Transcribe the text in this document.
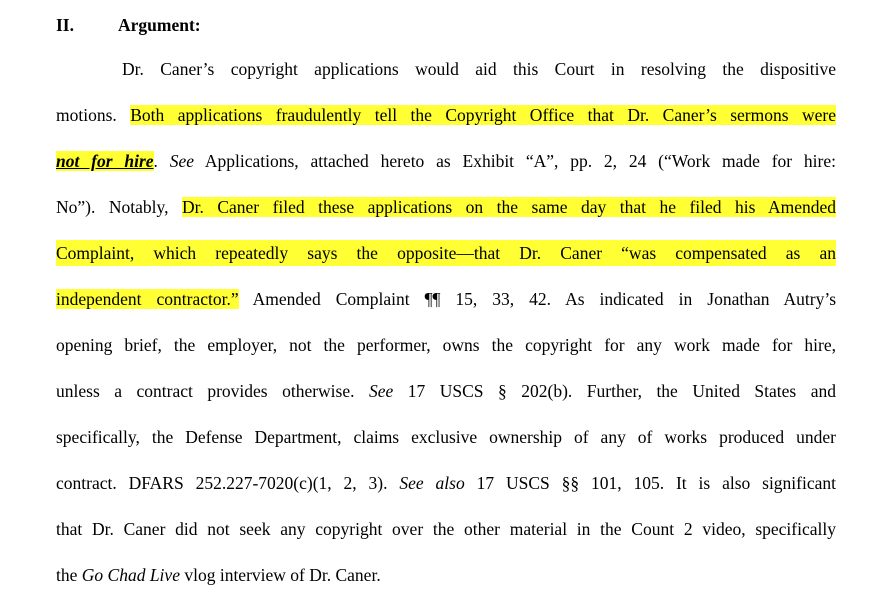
II.	Argument:
Dr. Caner’s copyright applications would aid this Court in resolving the dispositive
motions. Both applications fraudulently tell the Copyright Office that Dr. Caner’s sermons were
not for hire. See Applications, attached hereto as Exhibit “A”, pp. 2, 24 (“Work made for hire:
No”). Notably, Dr. Caner filed these applications on the same day that he filed his Amended
Complaint, which repeatedly says the opposite—that Dr. Caner “was compensated as an
independent contractor.” Amended Complaint ¶¶ 15, 33, 42. As indicated in Jonathan Autry’s
opening brief, the employer, not the performer, owns the copyright for any work made for hire,
unless a contract provides otherwise. See 17 USCS § 202(b). Further, the United States and
specifically, the Defense Department, claims exclusive ownership of any of works produced under
contract. DFARS 252.227-7020(c)(1, 2, 3). See also 17 USCS §§ 101, 105. It is also significant
that Dr. Caner did not seek any copyright over the other material in the Count 2 video, specifically
the Go Chad Live vlog interview of Dr. Caner.
